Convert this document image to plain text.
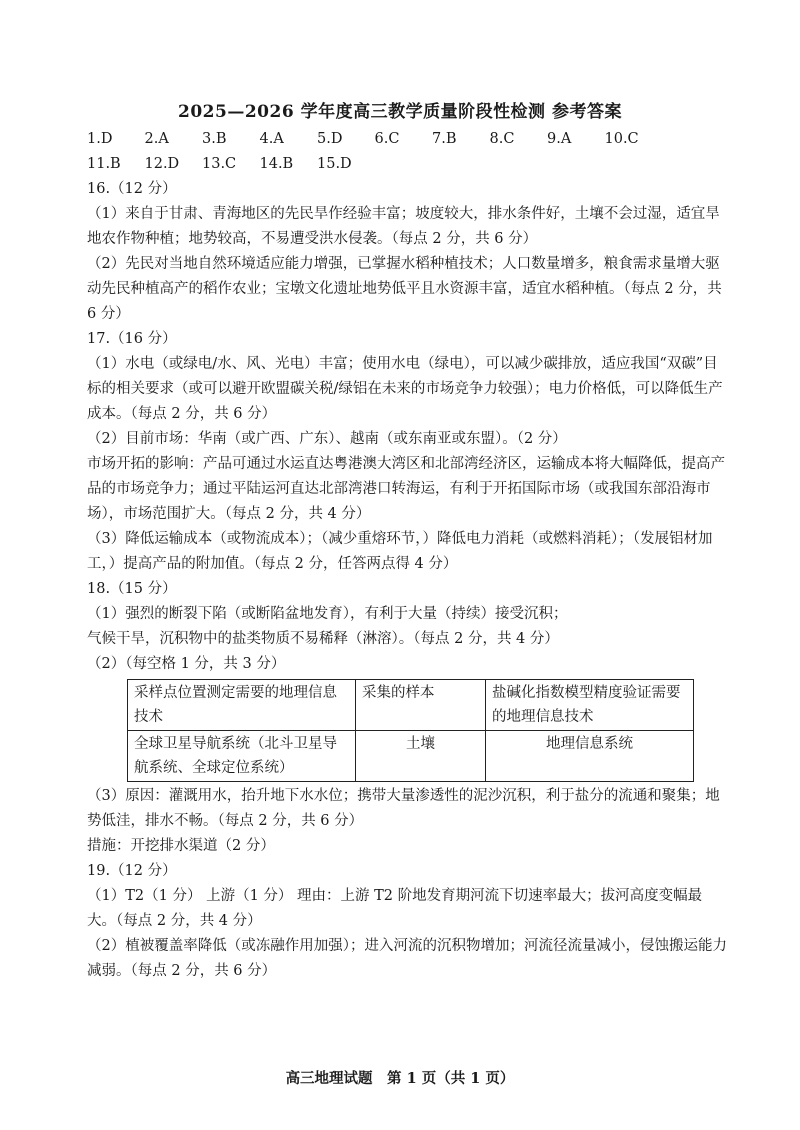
2025—2026 学年度高三教学质量阶段性检测 参考答案
1.D	2.A	3.B	4.A	5.D	6.C	7.B	8.C	9.A	10.C
11.B	12.D	13.C	14.B	15.D
16.（12 分）
（1）来自于甘肃、青海地区的先民旱作经验丰富；坡度较大，排水条件好，土壤不会过湿，适宜旱地农作物种植；地势较高，不易遭受洪水侵袭。（每点 2 分，共 6 分）
（2）先民对当地自然环境适应能力增强，已掌握水稻种植技术；人口数量增多，粮食需求量增大驱动先民种植高产的稻作农业；宝墩文化遗址地势低平且水资源丰富，适宜水稻种植。（每点 2 分，共 6 分）
17.（16 分）
（1）水电（或绿电/水、风、光电）丰富；使用水电（绿电），可以减少碳排放，适应我国“双碳”目标的相关要求（或可以避开欧盟碳关税/绿铝在未来的市场竞争力较强）；电力价格低，可以降低生产成本。（每点 2 分，共 6 分）
（2）目前市场：华南（或广西、广东）、越南（或东南亚或东盟）。（2 分）
市场开拓的影响：产品可通过水运直达粤港澳大湾区和北部湾经济区，运输成本将大幅降低，提高产品的市场竞争力；通过平陆运河直达北部湾港口转海运，有利于开拓国际市场（或我国东部沿海市场），市场范围扩大。（每点 2 分，共 4 分）
（3）降低运输成本（或物流成本）；（减少重熔环节，）降低电力消耗（或燃料消耗）；（发展铝材加工，）提高产品的附加值。（每点 2 分，任答两点得 4 分）
18.（15 分）
（1）强烈的断裂下陷（或断陷盆地发育），有利于大量（持续）接受沉积；
气候干旱，沉积物中的盐类物质不易稀释（淋溶）。（每点 2 分，共 4 分）
（2）（每空格 1 分，共 3 分）
采样点位置测定需要的地理信息技术	采集的样本	盐碱化指数模型精度验证需要的地理信息技术
全球卫星导航系统（北斗卫星导航系统、全球定位系统）	土壤	地理信息系统
（3）原因：灌溉用水，抬升地下水水位；携带大量渗透性的泥沙沉积，利于盐分的流通和聚集；地势低洼，排水不畅。（每点 2 分，共 6 分）
措施：开挖排水渠道（2 分）
19.（12 分）
（1）T2（1 分） 上游（1 分） 理由：上游 T2 阶地发育期河流下切速率最大；拔河高度变幅最大。（每点 2 分，共 4 分）
（2）植被覆盖率降低（或冻融作用加强）；进入河流的沉积物增加；河流径流量减小，侵蚀搬运能力减弱。（每点 2 分，共 6 分）
高三地理试题　第 1 页（共 1 页）
